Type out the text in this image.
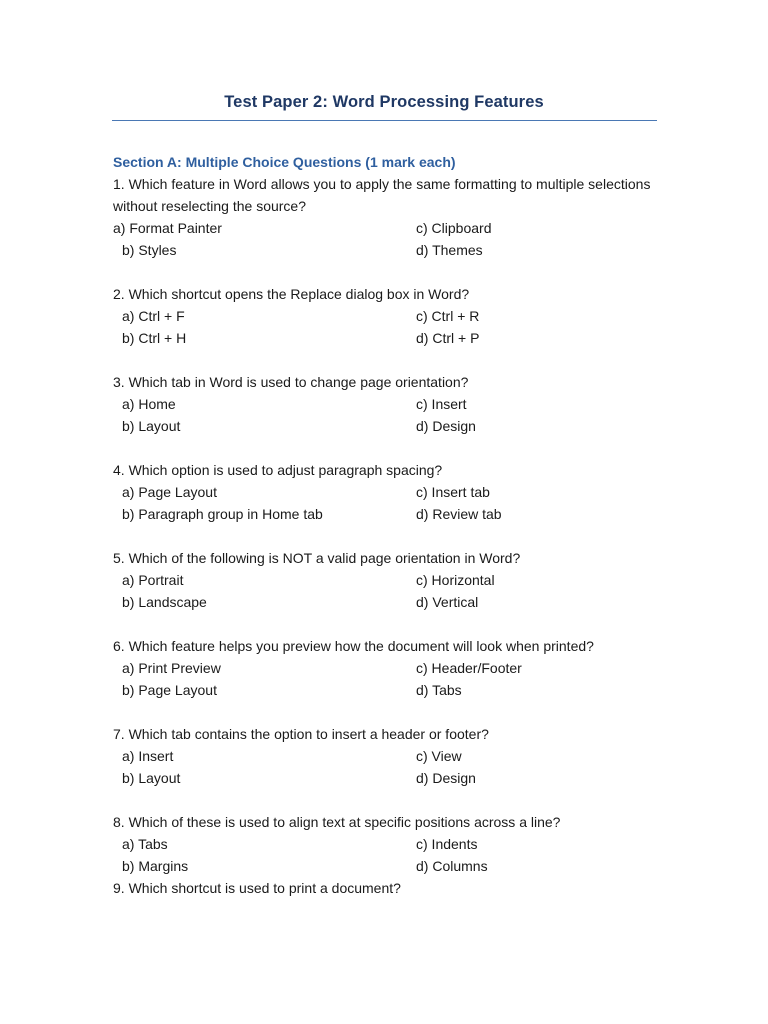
Test Paper 2: Word Processing Features
Section A: Multiple Choice Questions (1 mark each)
1. Which feature in Word allows you to apply the same formatting to multiple selections without reselecting the source?
a) Format Painter	c) Clipboard
b) Styles	d) Themes
2. Which shortcut opens the Replace dialog box in Word?
a) Ctrl + F	c) Ctrl + R
b) Ctrl + H	d) Ctrl + P
3. Which tab in Word is used to change page orientation?
a) Home	c) Insert
b) Layout	d) Design
4. Which option is used to adjust paragraph spacing?
a) Page Layout	c) Insert tab
b) Paragraph group in Home tab	d) Review tab
5. Which of the following is NOT a valid page orientation in Word?
a) Portrait	c) Horizontal
b) Landscape	d) Vertical
6. Which feature helps you preview how the document will look when printed?
a) Print Preview	c) Header/Footer
b) Page Layout	d) Tabs
7. Which tab contains the option to insert a header or footer?
a) Insert	c) View
b) Layout	d) Design
8. Which of these is used to align text at specific positions across a line?
a) Tabs	c) Indents
b) Margins	d) Columns
9. Which shortcut is used to print a document?
